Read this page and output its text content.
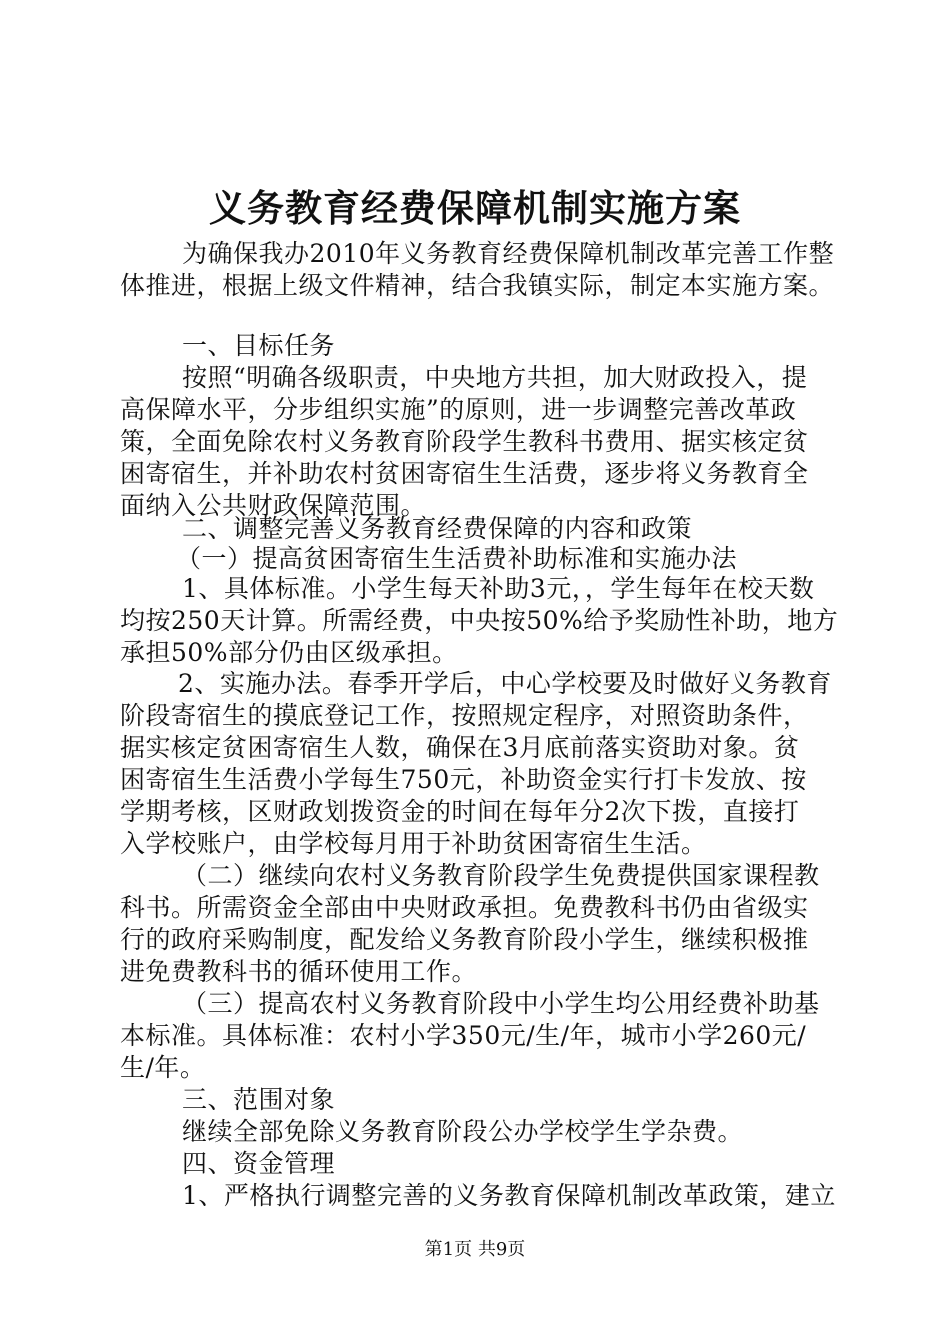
义务教育经费保障机制实施方案
为确保我办2010年义务教育经费保障机制改革完善工作整
体推进，根据上级文件精神，结合我镇实际，制定本实施方案。
一、目标任务
按照“明确各级职责，中央地方共担，加大财政投入，提
高保障水平，分步组织实施”的原则，进一步调整完善改革政
策，全面免除农村义务教育阶段学生教科书费用、据实核定贫
困寄宿生，并补助农村贫困寄宿生生活费，逐步将义务教育全
面纳入公共财政保障范围。
二、调整完善义务教育经费保障的内容和政策
（一）提高贫困寄宿生生活费补助标准和实施办法
1、具体标准。小学生每天补助3元，，学生每年在校天数
均按250天计算。所需经费，中央按50%给予奖励性补助，地方
承担50%部分仍由区级承担。
2、实施办法。春季开学后，中心学校要及时做好义务教育
阶段寄宿生的摸底登记工作，按照规定程序，对照资助条件，
据实核定贫困寄宿生人数，确保在3月底前落实资助对象。贫
困寄宿生生活费小学每生750元，补助资金实行打卡发放、按
学期考核，区财政划拨资金的时间在每年分2次下拨，直接打
入学校账户，由学校每月用于补助贫困寄宿生生活。
（二）继续向农村义务教育阶段学生免费提供国家课程教
科书。所需资金全部由中央财政承担。免费教科书仍由省级实
行的政府采购制度，配发给义务教育阶段小学生，继续积极推
进免费教科书的循环使用工作。
（三）提高农村义务教育阶段中小学生均公用经费补助基
本标准。具体标准：农村小学350元/生/年，城市小学260元/
生/年。
三、范围对象
继续全部免除义务教育阶段公办学校学生学杂费。
四、资金管理
1、严格执行调整完善的义务教育保障机制改革政策，建立
第1页 共9页
